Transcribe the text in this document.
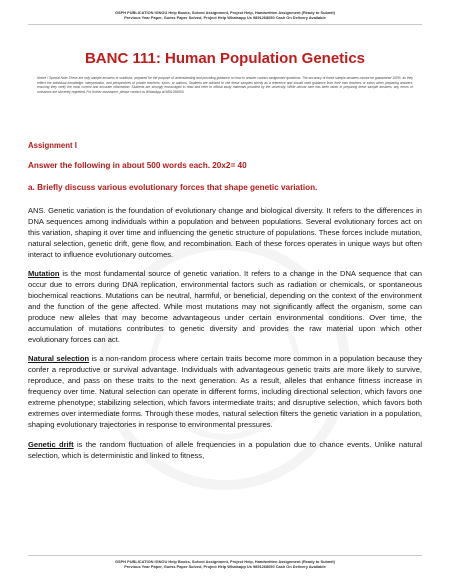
GSPH PUBLICATION IGNOU Help Books, Solved Assignment, Project Help, Handwritten Assignment (Ready to Submit)
Previous Year Paper, Guess Paper Solved, Project Help Whatsapp Us 9891268050 Cash On Delivery Available
BANC 111: Human Population Genetics
Notice / Special Note-These are only sample answers or solutions, prepared for the purpose of understanding and providing guidance on how to answer various assignment questions. The accuracy of these sample answers cannot be guaranteed 100%, as they reflect the individual knowledge, interpretation, and perspectives of private teachers, tutors, or authors. Students are advised to use these samples strictly as a reference and should seek guidance from their own teachers or tutors when preparing answers, ensuring they verify the most current and accurate information. Students are strongly encouraged to read and refer to official study materials provided by the university. While utmost care has been taken in preparing these sample answers, any errors or omissions are sincerely regretted. For further assistance, please contact us WhatsApp at 9891268050.
Assignment I
Answer the following in about 500 words each. 20x2= 40
a. Briefly discuss various evolutionary forces that shape genetic variation.

ANS. Genetic variation is the foundation of evolutionary change and biological diversity. It refers to the differences in DNA sequences among individuals within a population and between populations. Several evolutionary forces act on this variation, shaping it over time and influencing the genetic structure of populations. These forces include mutation, natural selection, genetic drift, gene flow, and recombination. Each of these forces operates in unique ways but often interact to influence evolutionary outcomes.

Mutation is the most fundamental source of genetic variation. It refers to a change in the DNA sequence that can occur due to errors during DNA replication, environmental factors such as radiation or chemicals, or spontaneous biochemical reactions. Mutations can be neutral, harmful, or beneficial, depending on the context of the environment and the function of the gene affected. While most mutations may not significantly affect the organism, some can produce new alleles that may become advantageous under certain environmental conditions. Over time, the accumulation of mutations contributes to genetic diversity and provides the raw material upon which other evolutionary forces can act.

Natural selection is a non-random process where certain traits become more common in a population because they confer a reproductive or survival advantage. Individuals with advantageous genetic traits are more likely to survive, reproduce, and pass on these traits to the next generation. As a result, alleles that enhance fitness increase in frequency over time. Natural selection can operate in different forms, including directional selection, which favors one extreme phenotype; stabilizing selection, which favors intermediate traits; and disruptive selection, which favors both extremes over intermediate forms. Through these modes, natural selection filters the genetic variation in a population, shaping evolutionary trajectories in response to environmental pressures.

Genetic drift is the random fluctuation of allele frequencies in a population due to chance events. Unlike natural selection, which is deterministic and linked to fitness,

GSPH PUBLICATION IGNOU Help Books, Solved Assignment, Project Help, Handwritten Assignment (Ready to Submit)
Previous Year Paper, Guess Paper Solved, Project Help Whatsapp Us 9891268050 Cash On Delivery Available
